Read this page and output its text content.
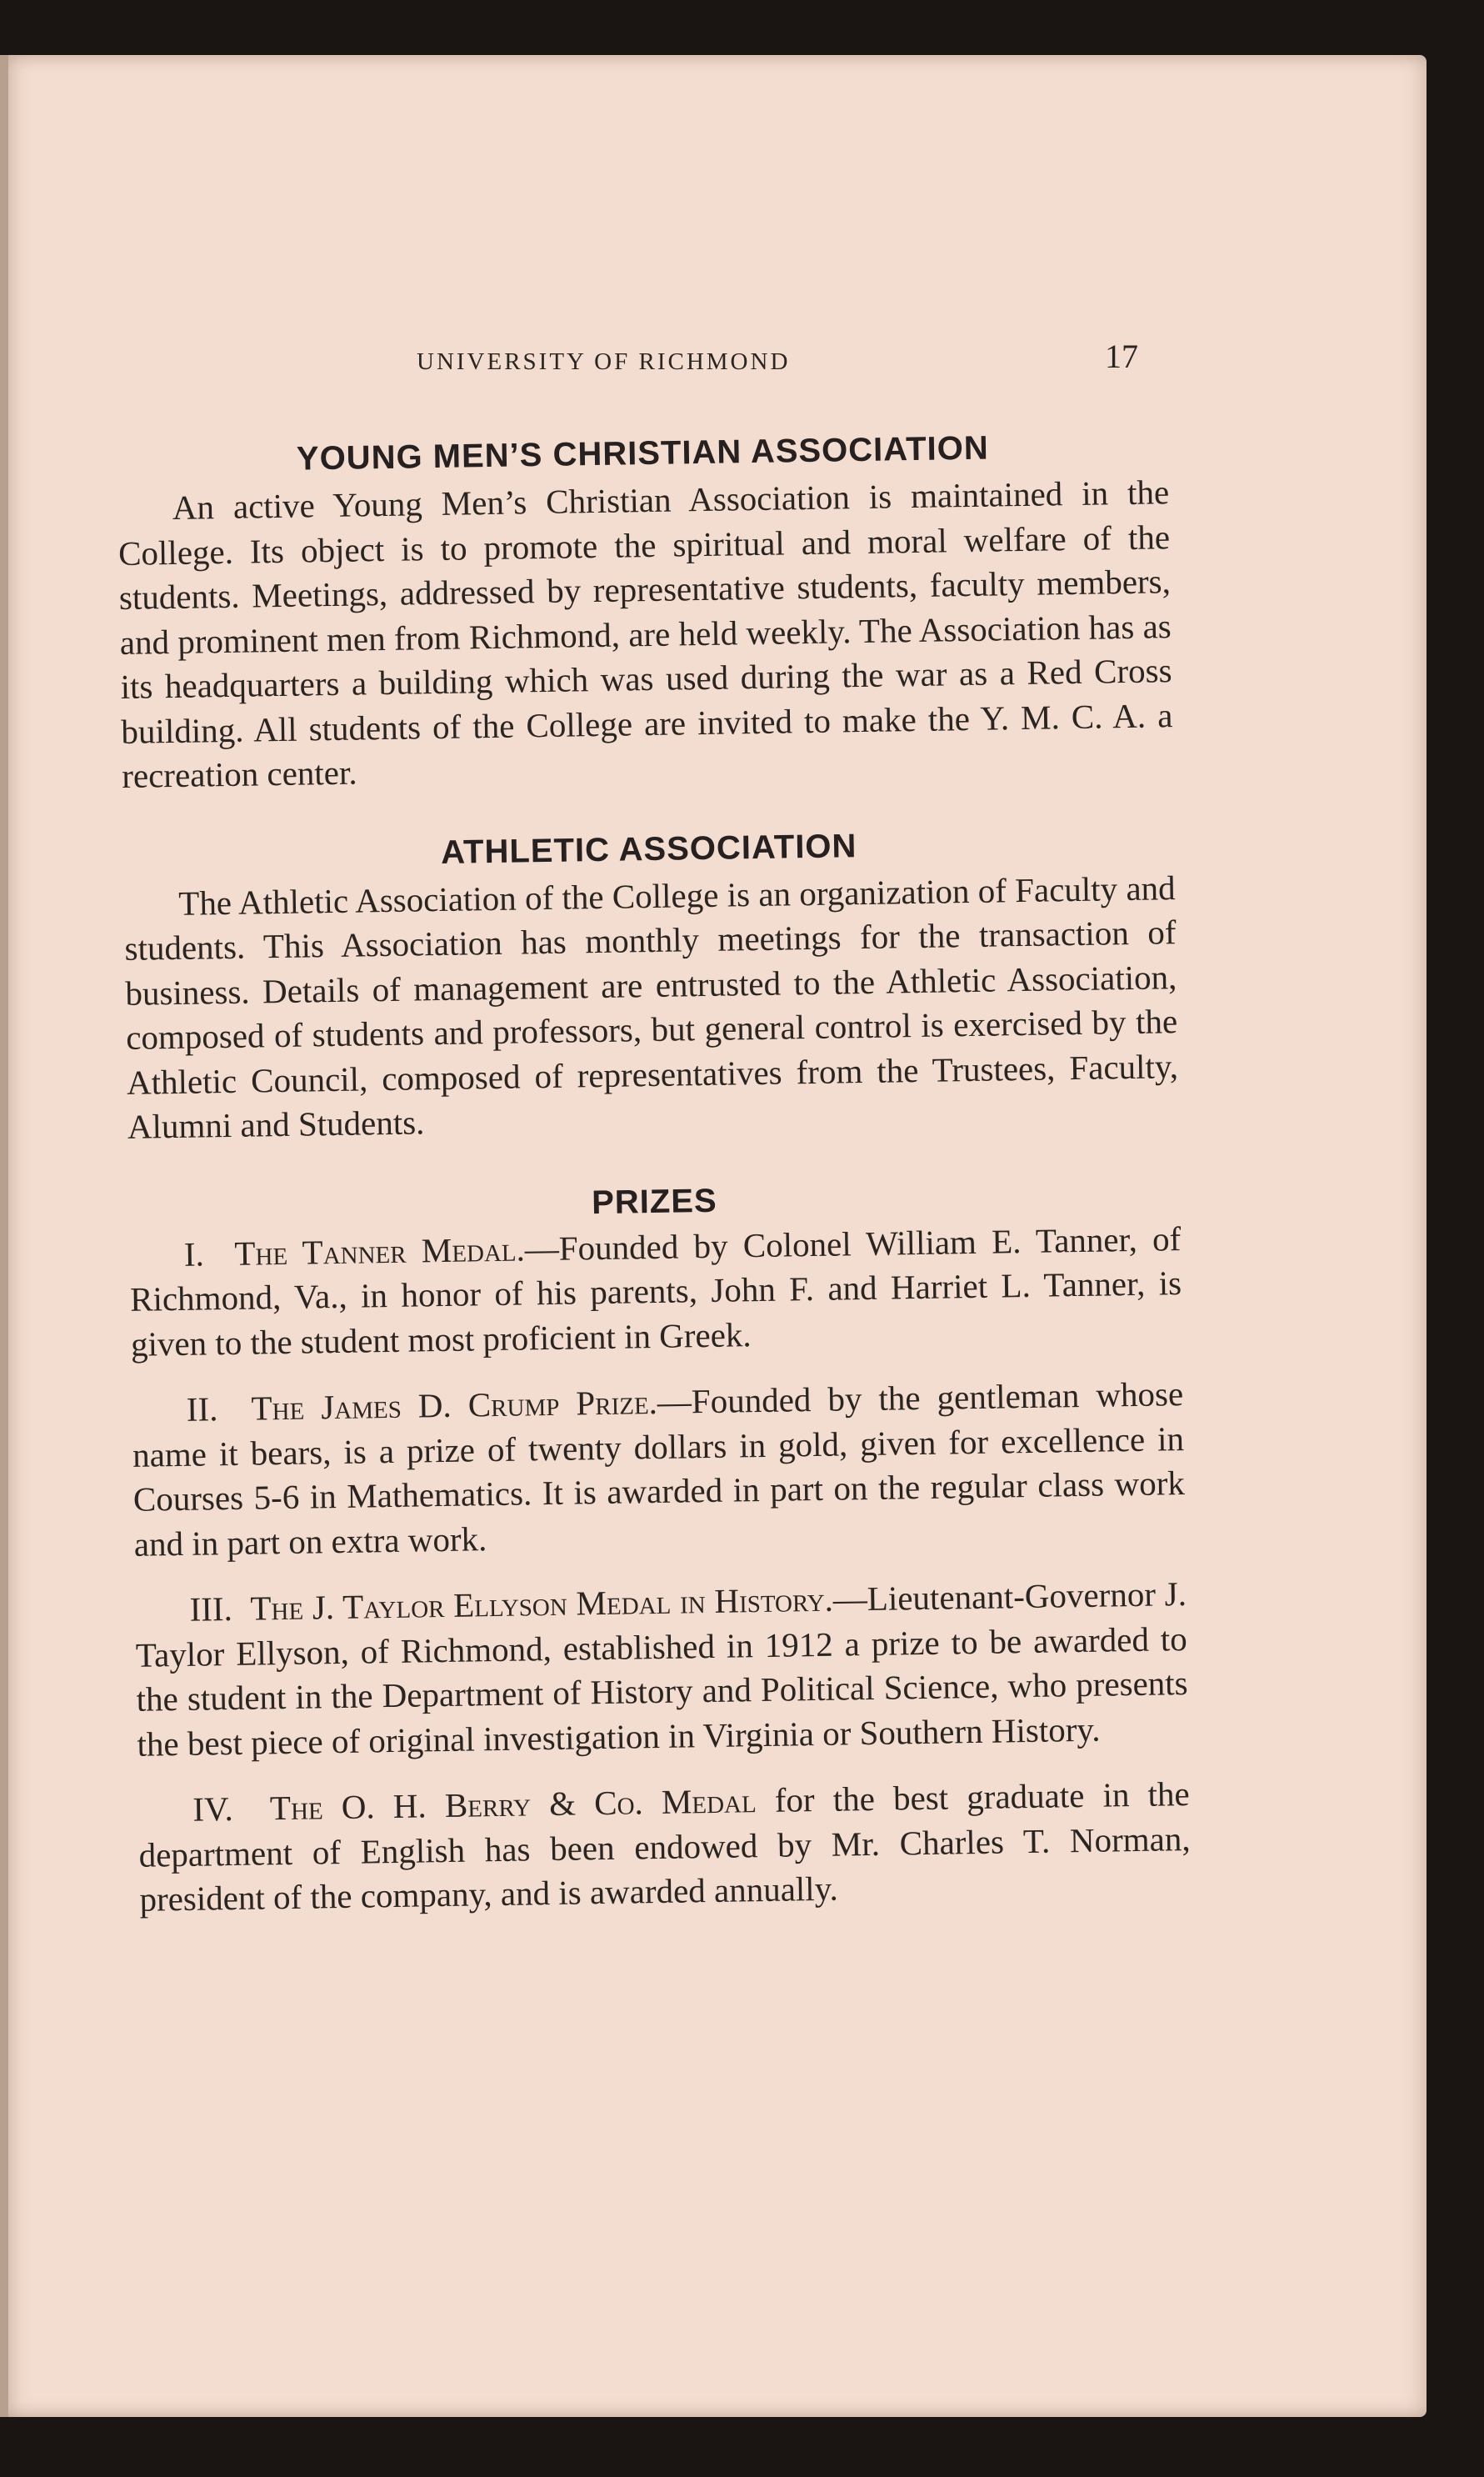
UNIVERSITY OF RICHMOND	17
YOUNG MEN’S CHRISTIAN ASSOCIATION

An active Young Men’s Christian Association is maintained in the College. Its object is to promote the spiritual and moral welfare of the students. Meetings, addressed by representative students, faculty members, and prominent men from Richmond, are held weekly. The Association has as its headquarters a building which was used during the war as a Red Cross building. All students of the College are invited to make the Y. M. C. A. a recreation center.

ATHLETIC ASSOCIATION

The Athletic Association of the College is an organization of Faculty and students. This Association has monthly meetings for the transaction of business. Details of management are entrusted to the Athletic Association, composed of students and professors, but general control is exercised by the Athletic Council, composed of representatives from the Trustees, Faculty, Alumni and Students.

PRIZES

I. The Tanner Medal.—Founded by Colonel William E. Tanner, of Richmond, Va., in honor of his parents, John F. and Harriet L. Tanner, is given to the student most proficient in Greek.

II. The James D. Crump Prize.—Founded by the gentleman whose name it bears, is a prize of twenty dollars in gold, given for excellence in Courses 5-6 in Mathematics. It is awarded in part on the regular class work and in part on extra work.

III. The J. Taylor Ellyson Medal in History.—Lieutenant-Governor J. Taylor Ellyson, of Richmond, established in 1912 a prize to be awarded to the student in the Department of History and Political Science, who presents the best piece of original investigation in Virginia or Southern History.

IV. The O. H. Berry & Co. Medal for the best graduate in the department of English has been endowed by Mr. Charles T. Norman, president of the company, and is awarded annually.
